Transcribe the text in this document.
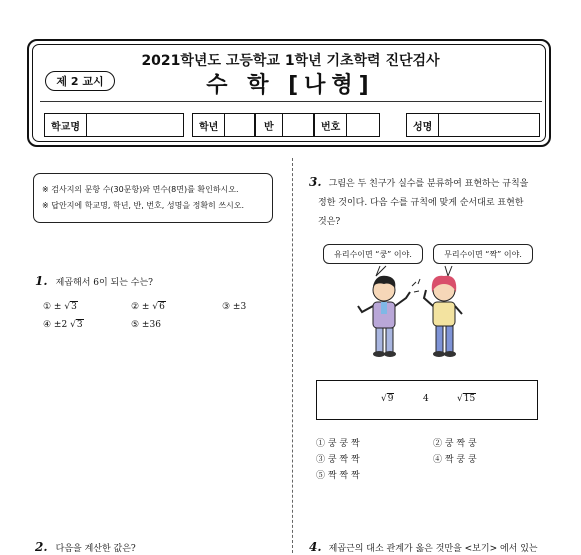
2021학년도 고등학교 1학년 기초학력 진단검사
제 2 교시	수 학 [나형]
학교명	학년	반	번호	성명
※ 검사지의 문항 수(30문항)와 면수(8면)를 확인하시오.
※ 답안지에 학교명, 학년, 반, 번호, 성명을 정확히 쓰시오.
1. 제곱해서 6이 되는 수는?
① ± √3	② ± √6	③ ±3
④ ±2 √3	⑤ ±36
2. 다음을 계산한 값은?
3. 그림은 두 친구가 실수를 분류하여 표현하는 규칙을
정한 것이다. 다음 수를 규칙에 맞게 순서대로 표현한
것은?
유리수이면 “쿵” 이야.	무리수이면 “짝” 이야.
√9	4	√15
① 쿵 쿵 짝	② 쿵 짝 쿵
③ 쿵 짝 짝	④ 짝 쿵 쿵
⑤ 짝 짝 짝
4. 제곱근의 대소 관계가 옳은 것만을 <보기> 에서 있는
